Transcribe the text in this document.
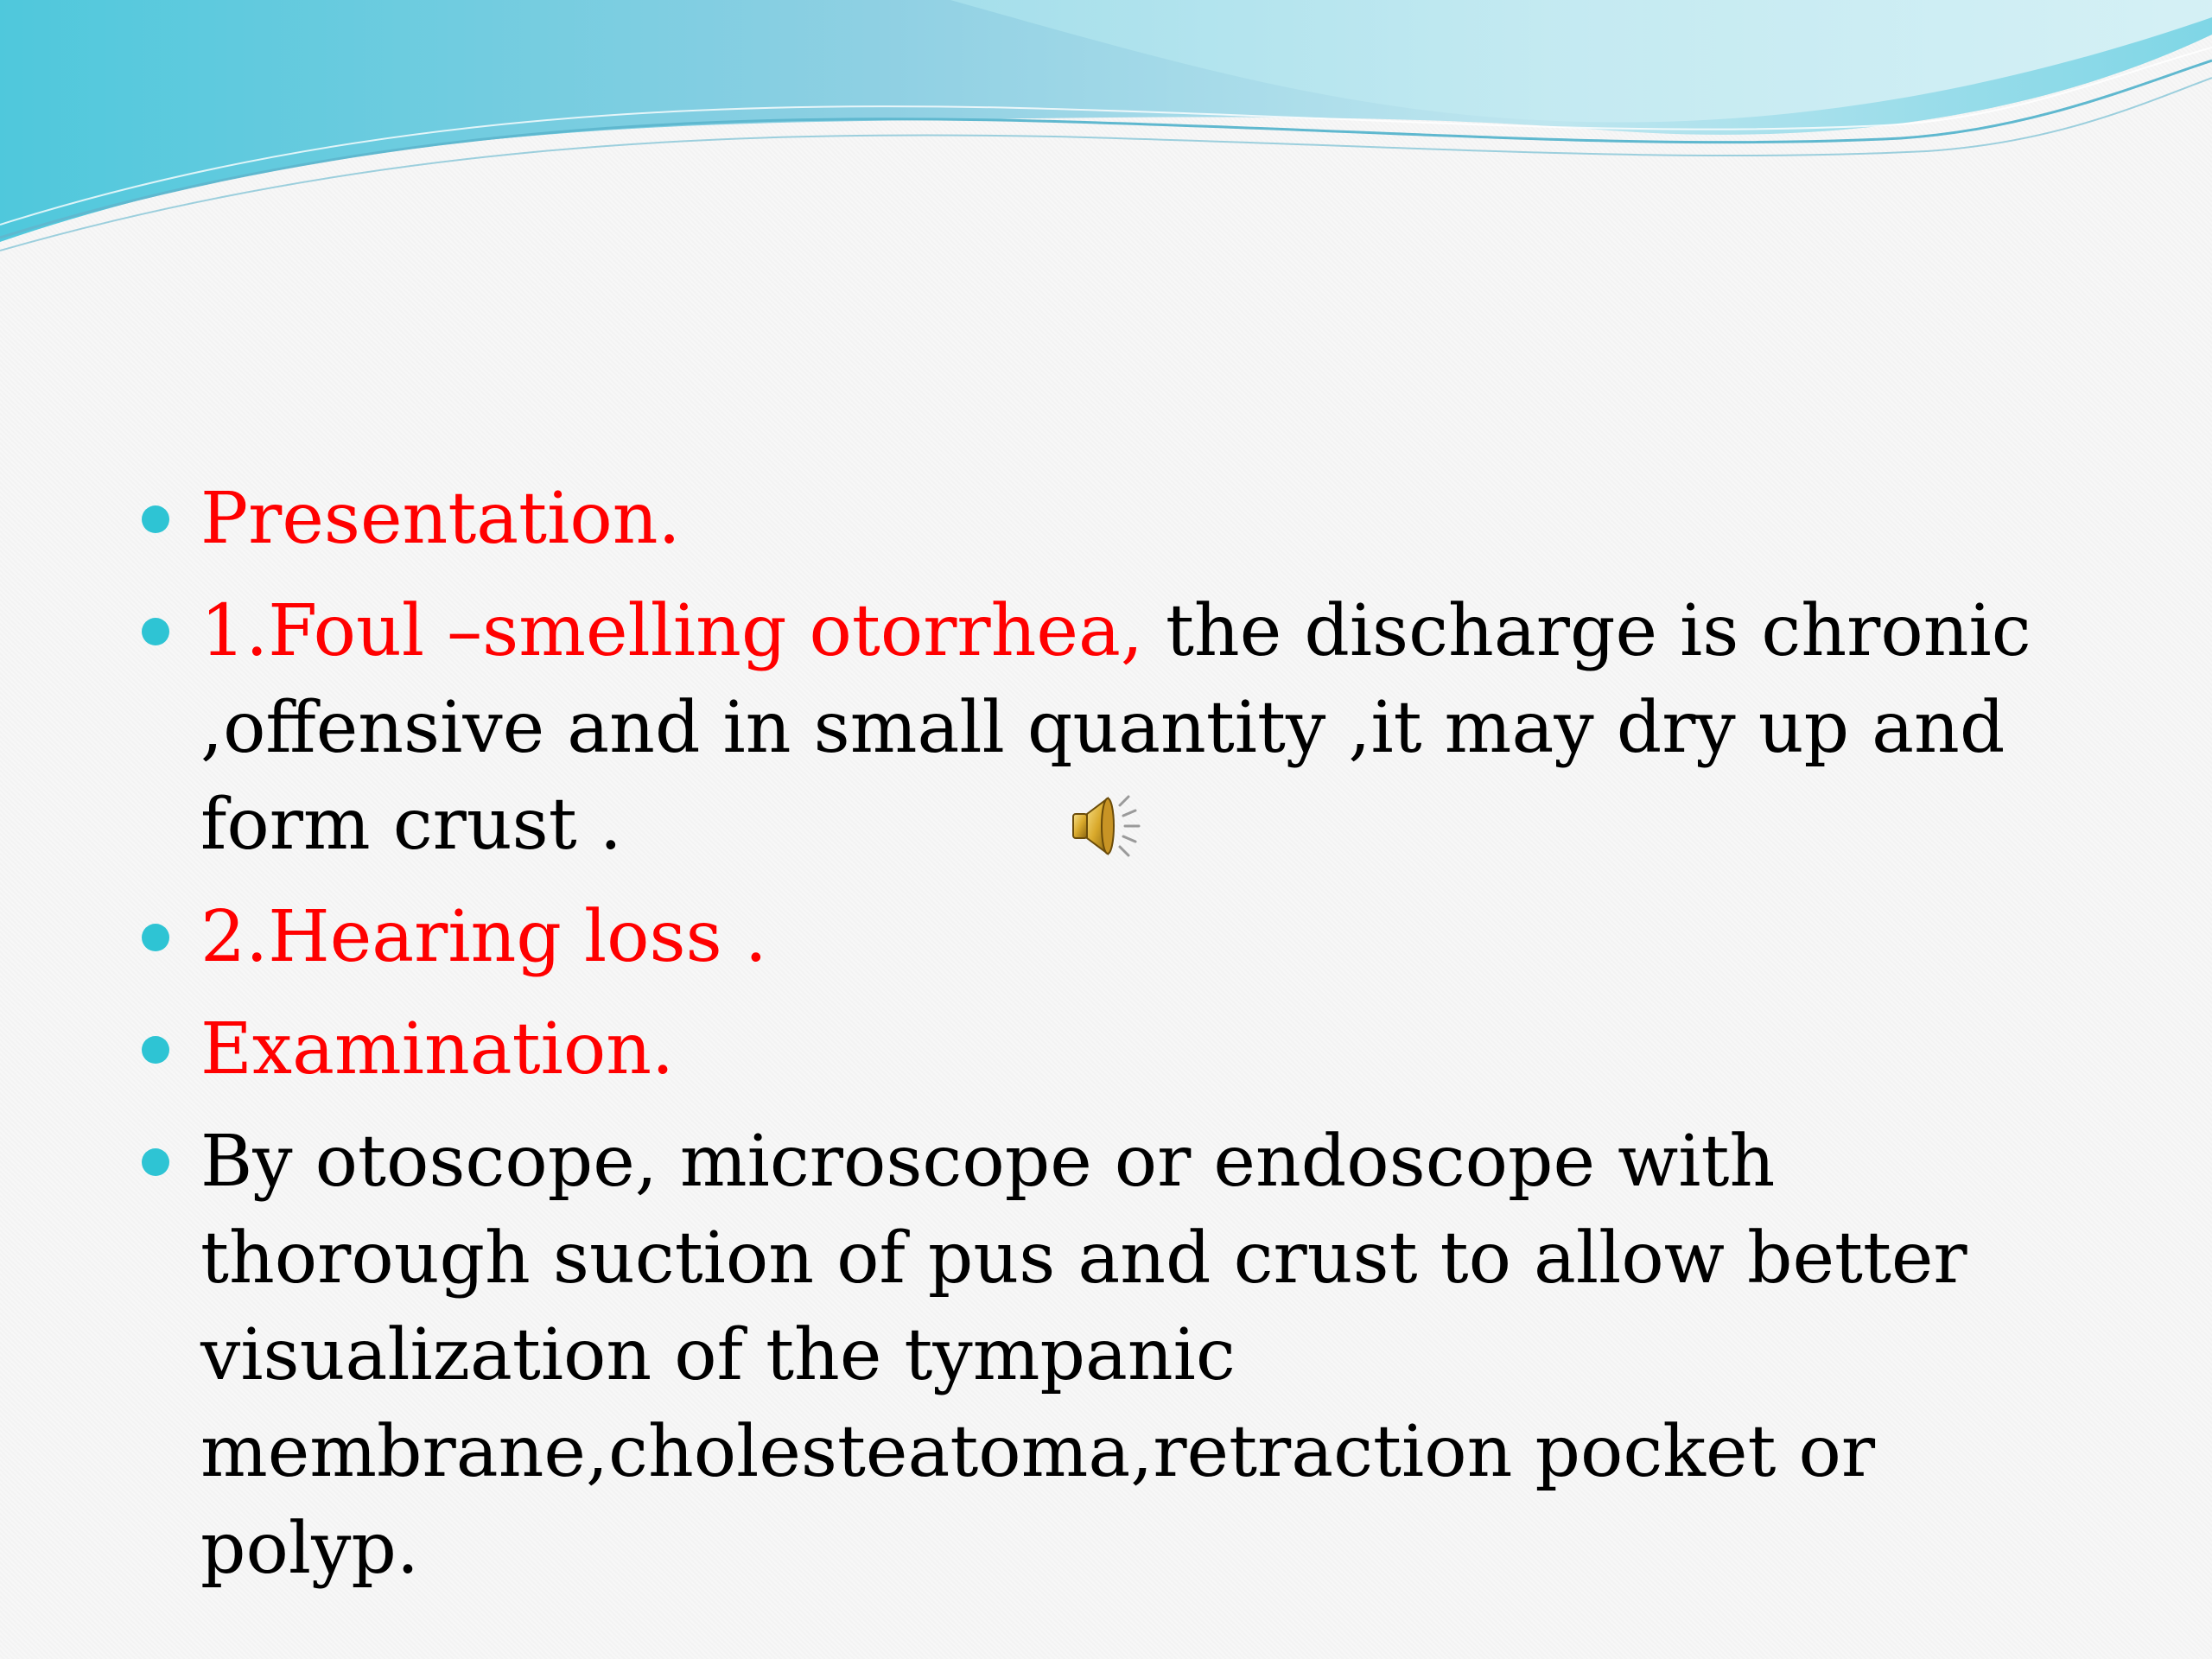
Presentation.
1.Foul –smelling otorrhea, the discharge is chronic ,offensive and in small quantity ,it may dry up and form crust .
2.Hearing loss .
Examination.
By otoscope, microscope or endoscope with thorough suction of pus and crust to allow better visualization of the tympanic membrane,cholesteatoma,retraction pocket or polyp.
